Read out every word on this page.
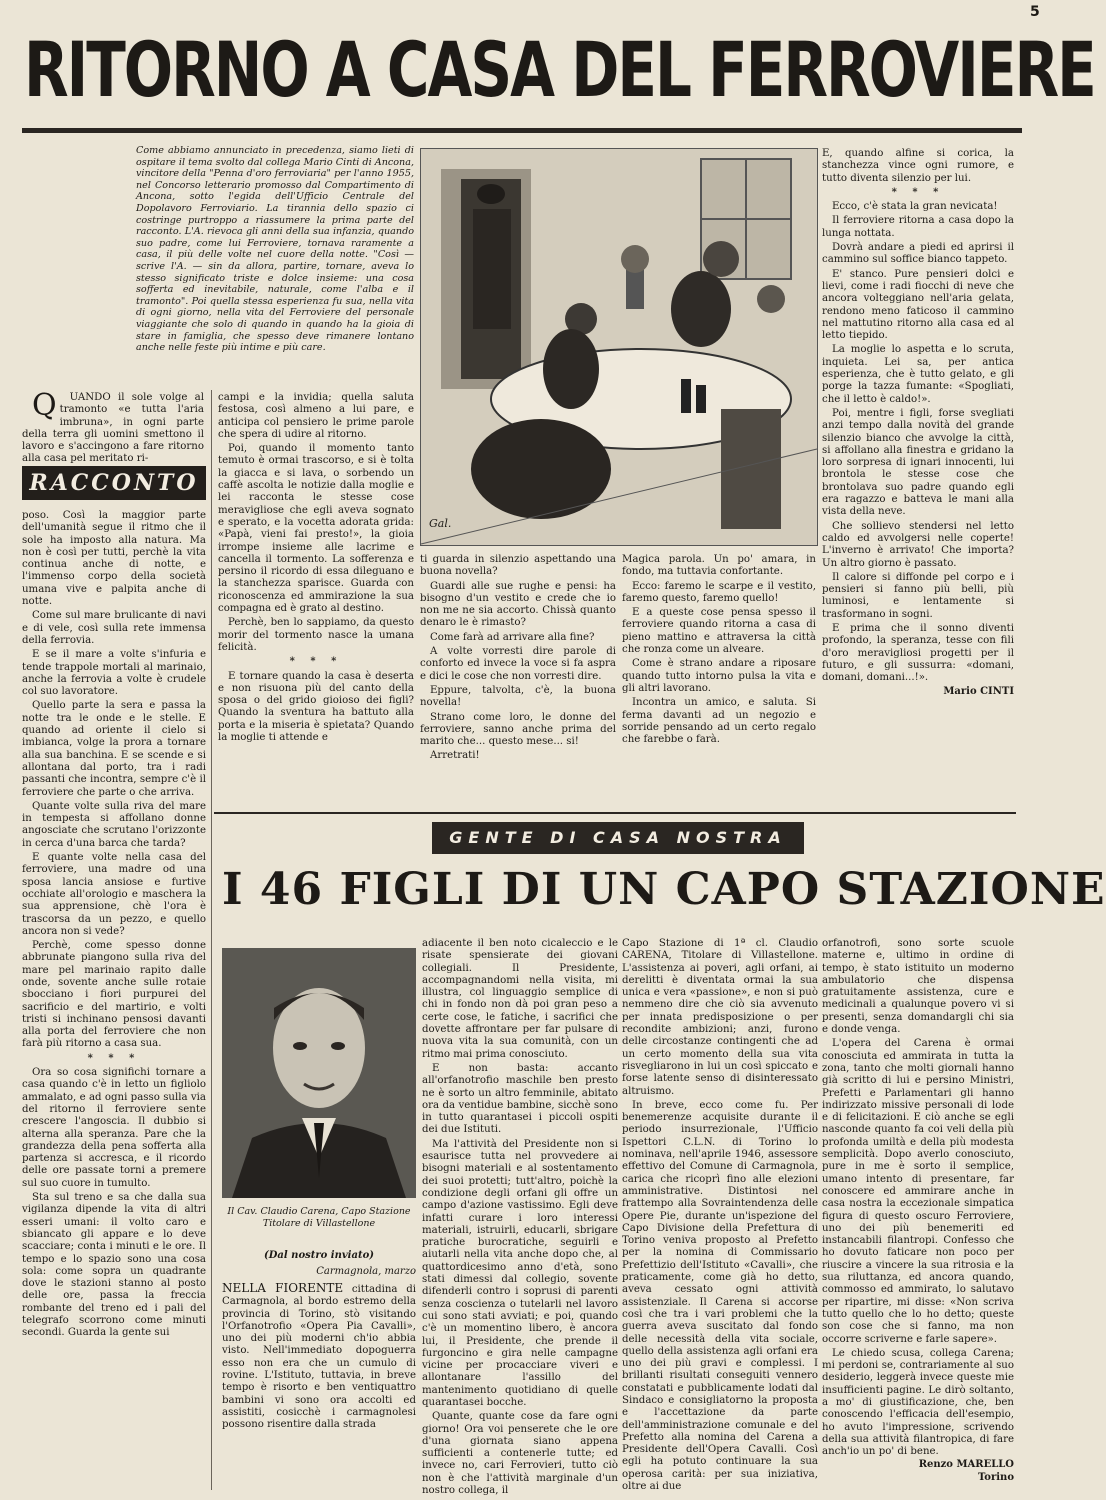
5
RITORNO A CASA DEL FERROVIERE
Come abbiamo annunciato in precedenza, siamo lieti di ospitare il tema svolto dal collega Mario Cinti di Ancona, vincitore della "Penna d'oro ferroviaria" per l'anno 1955, nel Concorso letterario promosso dal Compartimento di Ancona, sotto l'egida dell'Ufficio Centrale del Dopolavoro Ferroviario. La tirannia dello spazio ci costringe purtroppo a riassumere la prima parte del racconto. L'A. rievoca gli anni della sua infanzia, quando suo padre, come lui Ferroviere, tornava raramente a casa, il più delle volte nel cuore della notte. "Così — scrive l'A. — sin da allora, partire, tornare, aveva lo stesso significato triste e dolce insieme: una cosa sofferta ed inevitabile, naturale, come l'alba e il tramonto". Poi quella stessa esperienza fu sua, nella vita di ogni giorno, nella vita del Ferroviere del personale viaggiante che solo di quando in quando ha la gioia di stare in famiglia, che spesso deve rimanere lontano anche nelle feste più intime e più care.

Q UANDO il sole volge al tramonto «e tutta l'aria imbruna», in ogni parte della terra gli uomini smettono il lavoro e s'accingono a fare ritorno alla casa pel meritato ri-

RACCONTO

campi e la invidia; quella saluta festosa, così almeno a lui pare, e anticipa col pensiero le prime parole che spera di udire al ritorno.

Poi, quando il momento tanto temuto è ormai trascorso, e si è tolta la giacca e si lava, o sorbendo un caffè ascolta le notizie dalla moglie e lei racconta le stesse cose meravigliose che egli aveva sognato e sperato, e la vocetta adorata grida: «Papà, vieni fai presto!», la gioia irrompe insieme alle lacrime e cancella il tormento. La sofferenza e persino il ricordo di essa dileguano e la stanchezza sparisce. Guarda con riconoscenza ed ammirazione la sua compagna ed è grato al destino.

Perchè, ben lo sappiamo, da questo morir del tormento nasce la umana felicità.

* * *

E tornare quando la casa è deserta e non risuona più del canto della sposa o del grido gioioso dei figli? Quando la sventura ha battuto alla porta e la miseria è spietata? Quando la moglie ti attende e

Gal.

ti guarda in silenzio aspettando una buona novella?

Guardi alle sue rughe e pensi: ha bisogno d'un vestito e crede che io non me ne sia accorto. Chissà quanto denaro le è rimasto?

Come farà ad arrivare alla fine?

A volte vorresti dire parole di conforto ed invece la voce si fa aspra e dici le cose che non vorresti dire.

Eppure, talvolta, c'è, la buona novella!

Strano come loro, le donne del ferroviere, sanno anche prima del marito che... questo mese... si!

Arretrati!

Magica parola. Un po' amara, in fondo, ma tuttavia confortante.

Ecco: faremo le scarpe e il vestito, faremo questo, faremo quello!

E a queste cose pensa spesso il ferroviere quando ritorna a casa di pieno mattino e attraversa la città che ronza come un alveare.

Come è strano andare a riposare quando tutto intorno pulsa la vita e gli altri lavorano.

Incontra un amico, e saluta. Si ferma davanti ad un negozio e sorride pensando ad un certo regalo che farebbe o farà.

E, quando alfine si corica, la stanchezza vince ogni rumore, e tutto diventa silenzio per lui.

* * *

Ecco, c'è stata la gran nevicata!

Il ferroviere ritorna a casa dopo la lunga nottata.

Dovrà andare a piedi ed aprirsi il cammino sul soffice bianco tappeto.

E' stanco. Pure pensieri dolci e lievi, come i radi fiocchi di neve che ancora volteggiano nell'aria gelata, rendono meno faticoso il cammino nel mattutino ritorno alla casa ed al letto tiepido.

La moglie lo aspetta e lo scruta, inquieta. Lei sa, per antica esperienza, che è tutto gelato, e gli porge la tazza fumante: «Spogliati, che il letto è caldo!».

Poi, mentre i figli, forse svegliati anzi tempo dalla novità del grande silenzio bianco che avvolge la città, si affollano alla finestra e gridano la loro sorpresa di ignari innocenti, lui brontola le stesse cose che brontolava suo padre quando egli era ragazzo e batteva le mani alla vista della neve.

Che sollievo stendersi nel letto caldo ed avvolgersi nelle coperte! L'inverno è arrivato! Che importa? Un altro giorno è passato.

Il calore si diffonde pel corpo e i pensieri si fanno più belli, più luminosi, e lentamente si trasformano in sogni.

E prima che il sonno diventi profondo, la speranza, tesse con fili d'oro meravigliosi progetti per il futuro, e gli sussurra: «domani, domani, domani...!».

Mario CINTI

poso. Così la maggior parte dell'umanità segue il ritmo che il sole ha imposto alla natura. Ma non è così per tutti, perchè la vita continua anche di notte, e l'immenso corpo della società umana vive e palpita anche di notte.

Come sul mare brulicante di navi e di vele, così sulla rete immensa della ferrovia.

E se il mare a volte s'infuria e tende trappole mortali al marinaio, anche la ferrovia a volte è crudele col suo lavoratore.

Quello parte la sera e passa la notte tra le onde e le stelle. E quando ad oriente il cielo si imbianca, volge la prora a tornare alla sua banchina. E se scende e si allontana dal porto, tra i radi passanti che incontra, sempre c'è il ferroviere che parte o che arriva.

Quante volte sulla riva del mare in tempesta si affollano donne angosciate che scrutano l'orizzonte in cerca d'una barca che tarda?

E quante volte nella casa del ferroviere, una madre od una sposa lancia ansiose e furtive occhiate all'orologio e maschera la sua apprensione, chè l'ora è trascorsa da un pezzo, e quello ancora non si vede?

Perchè, come spesso donne abbrunate piangono sulla riva del mare pel marinaio rapito dalle onde, sovente anche sulle rotaie sbocciano i fiori purpurei del sacrificio e del martirio, e volti tristi si inchinano pensosi davanti alla porta del ferroviere che non farà più ritorno a casa sua.

* * *

Ora so cosa significhi tornare a casa quando c'è in letto un figliolo ammalato, e ad ogni passo sulla via del ritorno il ferroviere sente crescere l'angoscia. Il dubbio si alterna alla speranza. Pare che la grandezza della pena sofferta alla partenza si accresca, e il ricordo delle ore passate torni a premere sul suo cuore in tumulto.

Sta sul treno e sa che dalla sua vigilanza dipende la vita di altri esseri umani: il volto caro e sbiancato gli appare e lo deve scacciare; conta i minuti e le ore. Il tempo e lo spazio sono una cosa sola: come sopra un quadrante dove le stazioni stanno al posto delle ore, passa la freccia rombante del treno ed i pali del telegrafo scorrono come minuti secondi. Guarda la gente sui

GENTE DI CASA NOSTRA
I 46 FIGLI DI UN CAPO STAZIONE
Il Cav. Claudio Carena, Capo Stazione Titolare di Villastellone
(Dal nostro inviato)
Carmagnola, marzo

NELLA FIORENTE cittadina di Carmagnola, al bordo estremo della provincia di Torino, stò visitando l'Orfanotrofio «Opera Pia Cavalli», uno dei più moderni ch'io abbia visto. Nell'immediato dopoguerra esso non era che un cumulo di rovine. L'Istituto, tuttavia, in breve tempo è risorto e ben ventiquattro bambini vi sono ora accolti ed assistiti, cosicchè i carmagnolesi possono risentire dalla strada

adiacente il ben noto cicaleccio e le risate spensierate dei giovani collegiali. Il Presidente, accompagnandomi nella visita, mi illustra, col linguaggio semplice di chi in fondo non dà poi gran peso a certe cose, le fatiche, i sacrifici che dovette affrontare per far pulsare di nuova vita la sua comunità, con un ritmo mai prima conosciuto.

E non basta: accanto all'orfanotrofio maschile ben presto ne è sorto un altro femminile, abitato ora da ventidue bambine, sicchè sono in tutto quarantasei i piccoli ospiti dei due Istituti.

Ma l'attività del Presidente non si esaurisce tutta nel provvedere ai bisogni materiali e al sostentamento dei suoi protetti; tutt'altro, poichè la condizione degli orfani gli offre un campo d'azione vastissimo. Egli deve infatti curare i loro interessi materiali, istruirli, educarli, sbrigare pratiche burocratiche, seguirli e aiutarli nella vita anche dopo che, al quattordicesimo anno d'età, sono stati dimessi dal collegio, sovente difenderli contro i soprusi di parenti senza coscienza o tutelarli nel lavoro cui sono stati avviati; e poi, quando c'è un momentino libero, è ancora lui, il Presidente, che prende il furgoncino e gira nelle campagne vicine per procacciare viveri e allontanare l'assillo del mantenimento quotidiano di quelle quarantasei bocche.

Quante, quante cose da fare ogni giorno! Ora voi penserete che le ore d'una giornata siano appena sufficienti a contenerle tutte; ed invece no, cari Ferrovieri, tutto ciò non è che l'attività marginale d'un nostro collega, il

Capo Stazione di 1ª cl. Claudio CARENA, Titolare di Villastellone. L'assistenza ai poveri, agli orfani, ai derelitti è diventata ormai la sua unica e vera «passione», e non si può nemmeno dire che ciò sia avvenuto per innata predisposizione o per recondite ambizioni; anzi, furono delle circostanze contingenti che ad un certo momento della sua vita risvegliarono in lui un così spiccato e forse latente senso di disinteressato altruismo.

In breve, ecco come fu. Per benemerenze acquisite durante il periodo insurrezionale, l'Ufficio Ispettori C.L.N. di Torino lo nominava, nell'aprile 1946, assessore effettivo del Comune di Carmagnola, carica che ricoprì fino alle elezioni amministrative. Distintosi nel frattempo alla Sovraintendenza delle Opere Pie, durante un'ispezione del Capo Divisione della Prefettura di Torino veniva proposto al Prefetto per la nomina di Commissario Prefettizio dell'Istituto «Cavalli», che praticamente, come già ho detto, aveva cessato ogni attività assistenziale. Il Carena si accorse così che tra i vari problemi che la guerra aveva suscitato dal fondo delle necessità della vita sociale, quello della assistenza agli orfani era uno dei più gravi e complessi. I brillanti risultati conseguiti vennero constatati e pubblicamente lodati dal Sindaco e consigliatorno la proposta e l'accettazione da parte dell'amministrazione comunale e del Prefetto alla nomina del Carena a Presidente dell'Opera Cavalli. Così egli ha potuto continuare la sua operosa carità: per sua iniziativa, oltre ai due

orfanotrofi, sono sorte scuole materne e, ultimo in ordine di tempo, è stato istituito un moderno ambulatorio che dispensa gratuitamente assistenza, cure e medicinali a qualunque povero vi si presenti, senza domandargli chi sia e donde venga.

L'opera del Carena è ormai conosciuta ed ammirata in tutta la zona, tanto che molti giornali hanno già scritto di lui e persino Ministri, Prefetti e Parlamentari gli hanno indirizzato missive personali di lode e di felicitazioni. E ciò anche se egli nasconde quanto fa coi veli della più profonda umiltà e della più modesta semplicità. Dopo averlo conosciuto, pure in me è sorto il semplice, umano intento di presentare, far conoscere ed ammirare anche in casa nostra la eccezionale simpatica figura di questo oscuro Ferroviere, uno dei più benemeriti ed instancabili filantropi. Confesso che ho dovuto faticare non poco per riuscire a vincere la sua ritrosia e la sua riluttanza, ed ancora quando, commosso ed ammirato, lo salutavo per ripartire, mi disse: «Non scriva tutto quello che lo ho detto; queste son cose che si fanno, ma non occorre scriverne e farle sapere».

Le chiedo scusa, collega Carena; mi perdoni se, contrariamente al suo desiderio, leggerà invece queste mie insufficienti pagine. Le dirò soltanto, a mo' di giustificazione, che, ben conoscendo l'efficacia dell'esempio, ho avuto l'impressione, scrivendo della sua attività filantropica, di fare anch'io un po' di bene.

Renzo MARELLO
Torino
